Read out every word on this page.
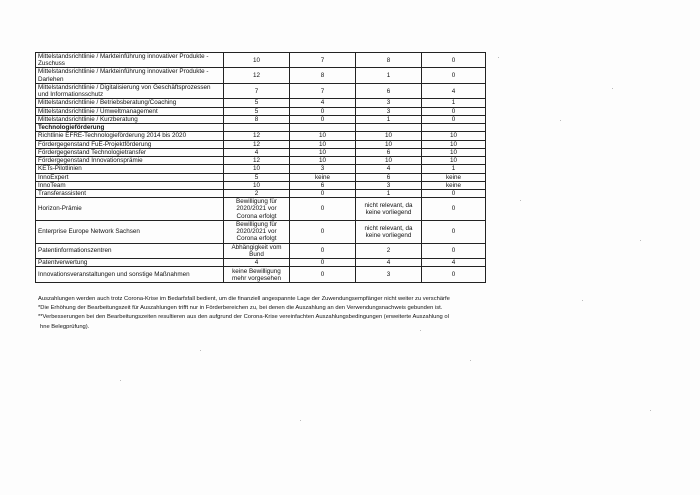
Mittelstandsrichtlinie / Markteinführung innovativer Produkte - Zuschuss	10	7	8	0
Mittelstandsrichtlinie / Markteinführung innovativer Produkte - Darlehen	12	8	1	0
Mittelstandsrichtlinie / Digitalisierung von Geschäftsprozessen und Informationsschutz	7	7	6	4
Mittelstandsrichtlinie / Betriebsberatung/Coaching	5	4	3	1
Mittelstandsrichtlinie / Umweltmanagement	5	0	3	0
Mittelstandsrichtlinie / Kurzberatung	8	0	1	0
Technologieförderung				
Richtlinie EFRE-Technologieförderung 2014 bis 2020	12	10	10	10
Fördergegenstand FuE-Projektförderung	12	10	10	10
Fördergegenstand Technologietransfer	4	10	6	10
Fördergegenstand Innovationsprämie	12	10	10	10
KETs-Pilotlinien	10	3	4	1
InnoExpert	5	keine	6	keine
InnoTeam	10	6	3	keine
Transferassistent	2	0	1	0
Horizon-Prämie	Bewilligung für 2020/2021 vor Corona erfolgt	0	nicht relevant, da keine vorliegend	0
Enterprise Europe Network Sachsen	Bewilligung für 2020/2021 vor Corona erfolgt	0	nicht relevant, da keine vorliegend	0
Patentinformationszentren	Abhängigkeit vom Bund	0	2	0
Patentverwertung	4	0	4	4
Innovationsveranstaltungen und sonstige Maßnahmen	keine Bewilligung mehr vorgesehen	0	3	0
Auszahlungen werden auch trotz Corona-Krise im Bedarfsfall bedient, um die finanziell angespannte Lage der Zuwendungsempfänger nicht weiter zu verschärfe
*Die Erhöhung der Bearbeitungszeit für Auszahlungen trifft nur in Förderbereichen zu, bei denen die Auszahlung an den Verwendungsnachweis gebunden ist.
**Verbesserungen bei den Bearbeitungszeiten resultieren aus den aufgrund der Corona-Krise vereinfachten Auszahlungsbedingungen (erweiterte Auszahlung ol
hne Belegprüfung).
